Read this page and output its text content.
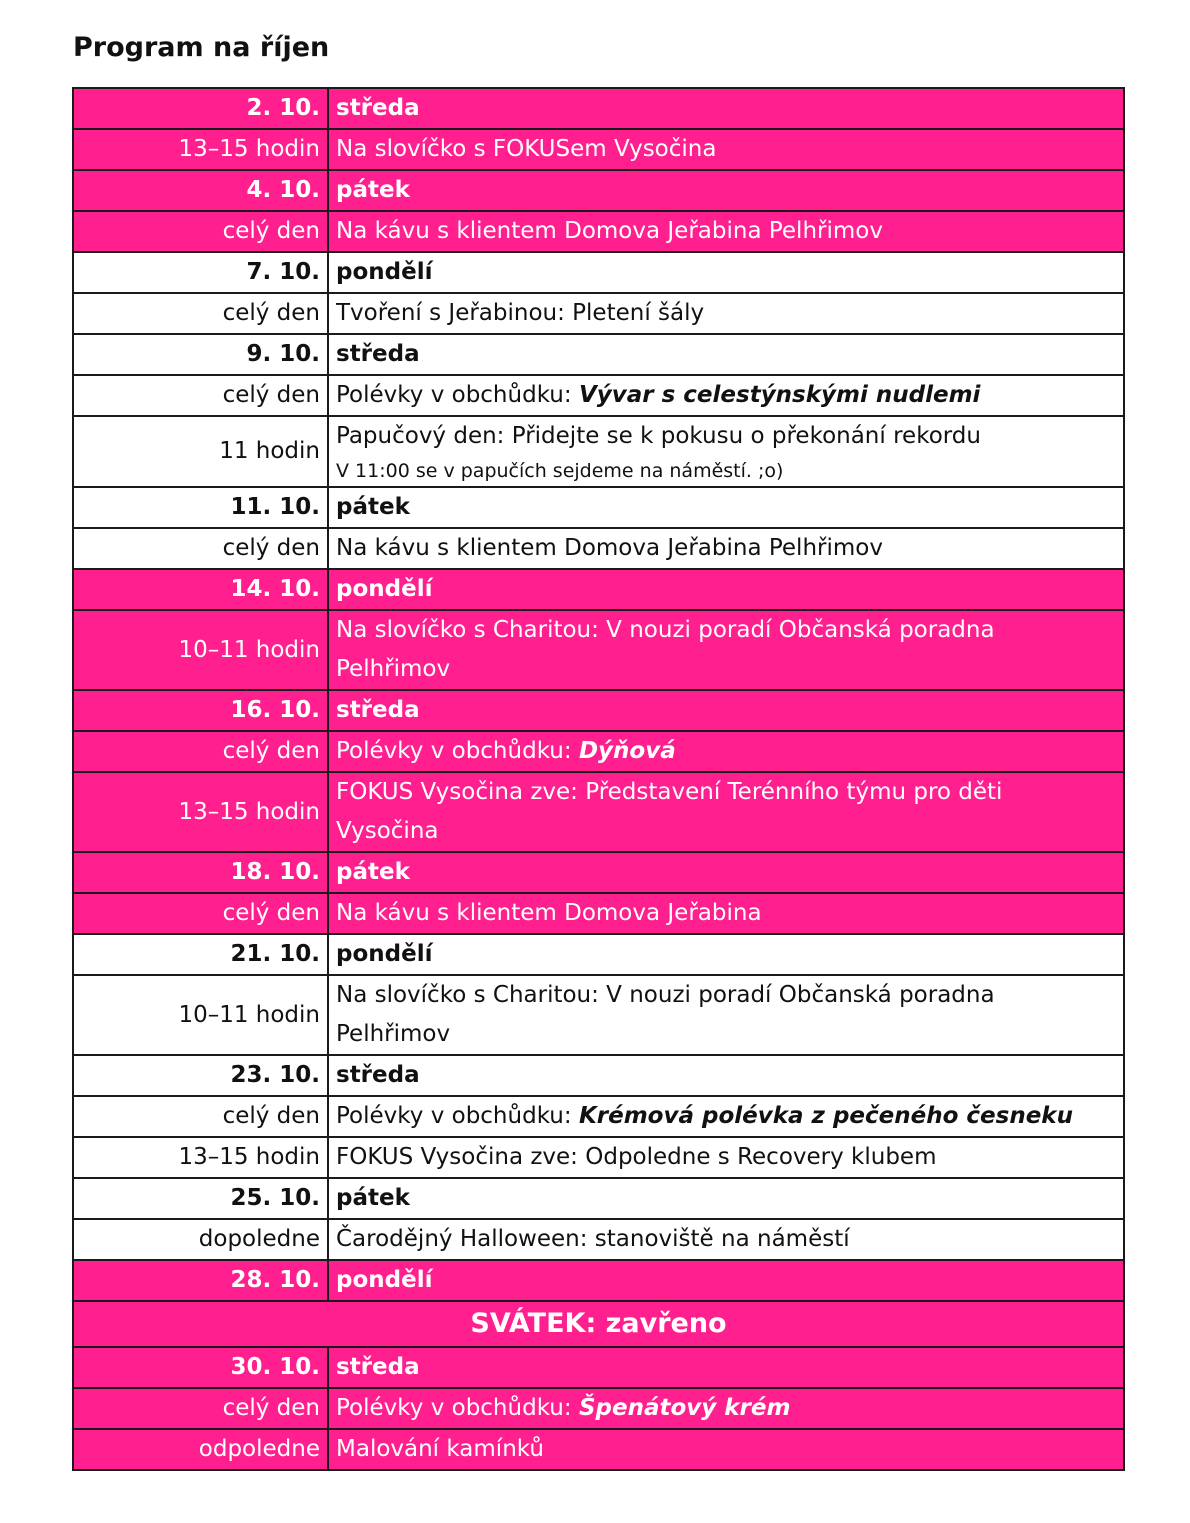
Program na říjen
2. 10.	středa
13–15 hodin	Na slovíčko s FOKUSem Vysočina
4. 10.	pátek
celý den	Na kávu s klientem Domova Jeřabina Pelhřimov
7. 10.	pondělí
celý den	Tvoření s Jeřabinou: Pletení šály
9. 10.	středa
celý den	Polévky v obchůdku: Vývar s celestýnskými nudlemi
11 hodin	Papučový den: Přidejte se k pokusu o překonání rekordu
V 11:00 se v papučích sejdeme na náměstí. ;o)

11. 10.	pátek
celý den	Na kávu s klientem Domova Jeřabina Pelhřimov
14. 10.	pondělí
10–11 hodin	Na slovíčko s Charitou: V nouzi poradí Občanská poradna
Pelhřimov

16. 10.	středa
celý den	Polévky v obchůdku: Dýňová
13–15 hodin	FOKUS Vysočina zve: Představení Terénního týmu pro děti
Vysočina

18. 10.	pátek
celý den	Na kávu s klientem Domova Jeřabina
21. 10.	pondělí
10–11 hodin	Na slovíčko s Charitou: V nouzi poradí Občanská poradna
Pelhřimov

23. 10.	středa
celý den	Polévky v obchůdku: Krémová polévka z pečeného česneku
13–15 hodin	FOKUS Vysočina zve: Odpoledne s Recovery klubem
25. 10.	pátek
dopoledne	Čarodějný Halloween: stanoviště na náměstí
28. 10.	pondělí
SVÁTEK: zavřeno	
30. 10.	středa
celý den	Polévky v obchůdku: Špenátový krém
odpoledne	Malování kamínků
